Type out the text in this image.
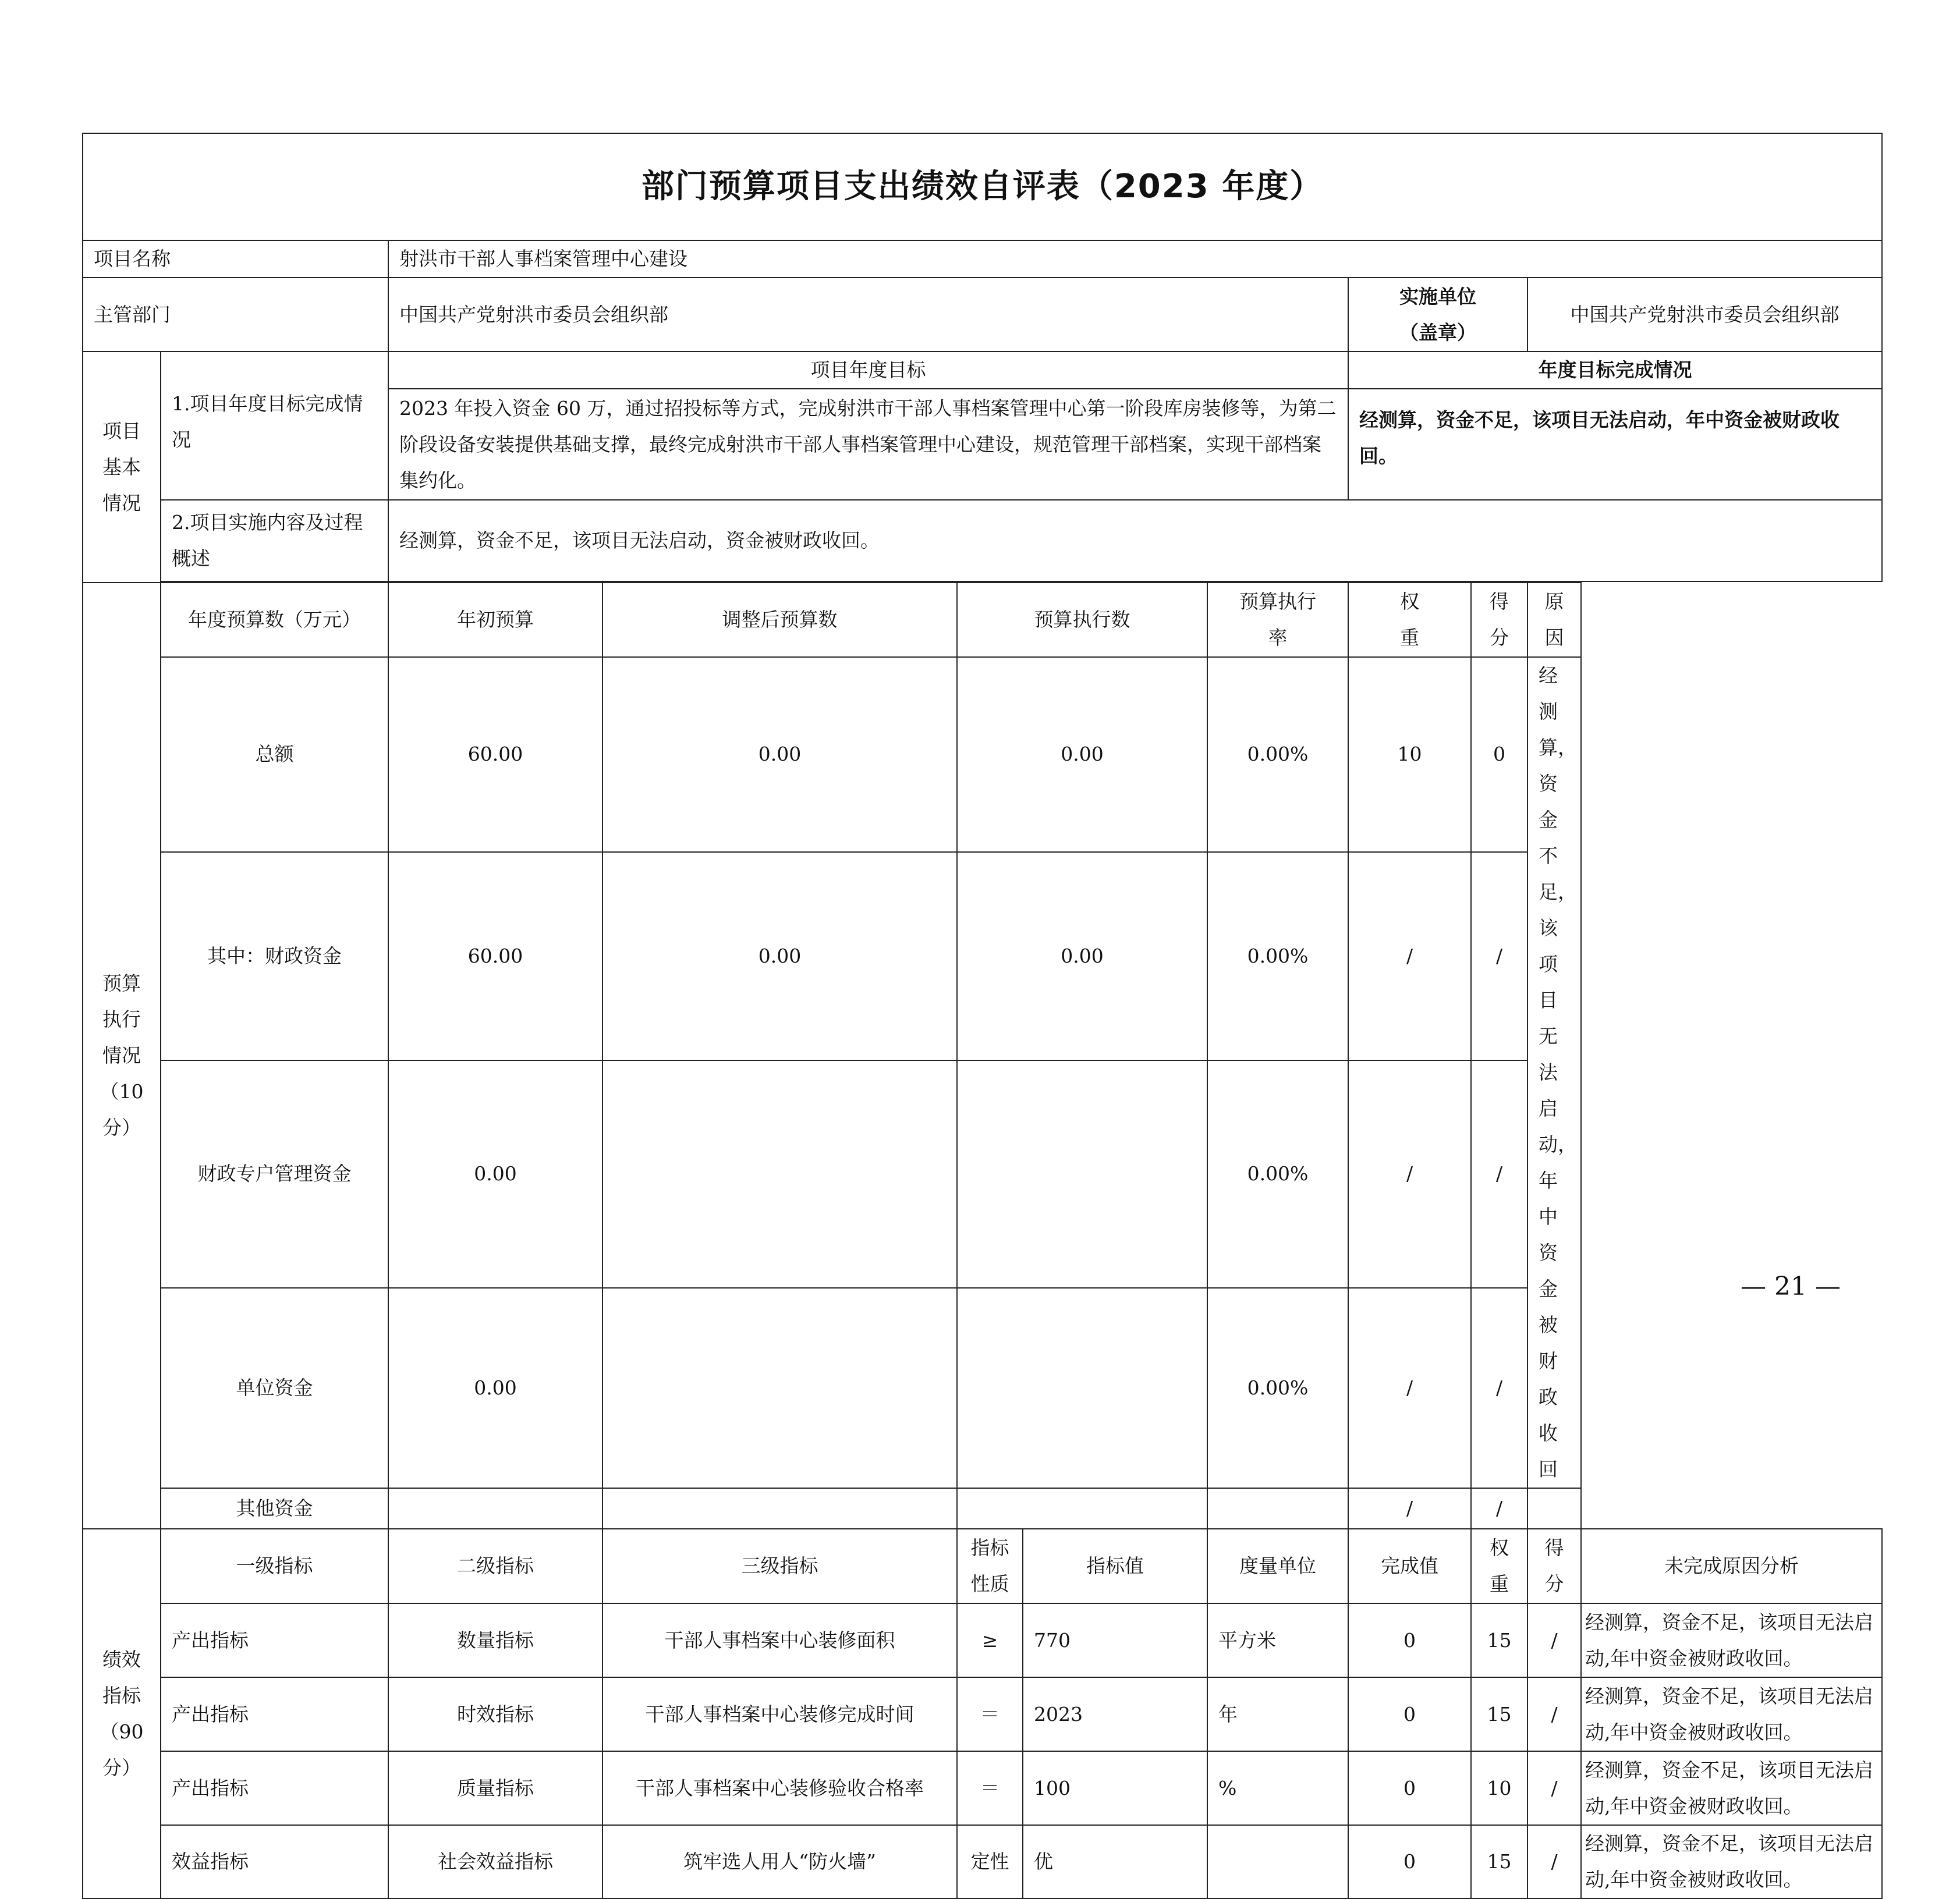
部门预算项目支出绩效自评表（2023 年度）										
项目名称		射洪市干部人事档案管理中心建设								
主管部门		中国共产党射洪市委员会组织部					实施单位
（盖章）		中国共产党射洪市委员会组织部	

项目
基本
情况	1.项目年度目标完成情况	项目年度目标					年度目标完成情况			
		2023 年投入资金 60 万，通过招投标等方式，完成射洪市干部人事档案管理中心第一阶段库房装修等，为第二阶段设备安装提供基础支撑，最终完成射洪市干部人事档案管理中心建设，规范管理干部档案，实现干部档案集约化。					经测算，资金不足，该项目无法启动，年中资金被财政收回。			
	2.项目实施内容及过程概述	经测算，资金不足，该项目无法启动，资金被财政收回。								

预算
执行
情况
（10
分）	年度预算数（万元）	年初预算	调整后预算数	预算执行数		预算执行
率	权
重	得
分	原因	
	总额	60.00	0.00	0.00		0.00%	10	0	经测算，资金不足，该项目无法启动，年中资金被财政收回	
	其中：财政资金	60.00	0.00	0.00		0.00%	/	/		
	财政专户管理资金	0.00				0.00%	/	/		
	单位资金	0.00				0.00%	/	/		
	其他资金						/	/		

绩效
指标
（90
分）	一级指标	二级指标	三级指标	指标
性质	指标值	度量单位	完成值	权
重	得
分	未完成原因分析
	产出指标	数量指标	干部人事档案中心装修面积	≥	770	平方米	0	15	/	经测算，资金不足，该项目无法启动,年中资金被财政收回。
	产出指标	时效指标	干部人事档案中心装修完成时间	＝	2023	年	0	15	/	经测算，资金不足，该项目无法启动,年中资金被财政收回。
	产出指标	质量指标	干部人事档案中心装修验收合格率	＝	100	%	0	10	/	经测算，资金不足，该项目无法启动,年中资金被财政收回。
	效益指标	社会效益指标	筑牢选人用人“防火墙”	定性	优		0	15	/	经测算，资金不足，该项目无法启动,年中资金被财政收回。
— 21 —
